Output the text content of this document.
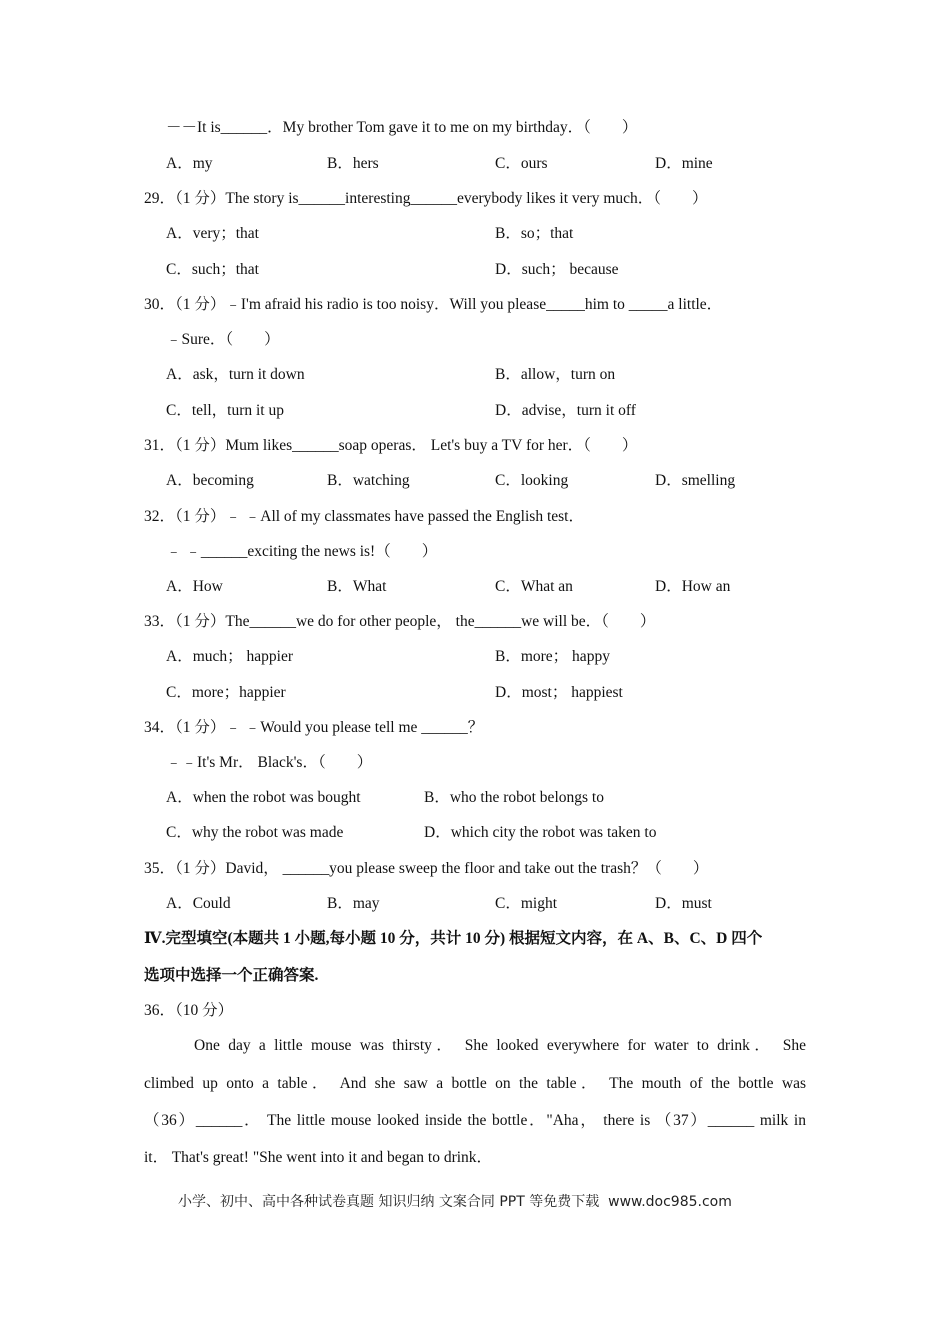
－－It is______．My brother Tom gave it to me on my birthday．（　　）
A．my	B．hers	C．ours	D．mine
29．（1 分）The story is______interesting______everybody likes it very much．（　　）
A．very；that	B．so；that
C．such；that	D．such； because
30．（1 分）﹣I'm afraid his radio is too noisy．Will you please_____him to _____a little．
﹣Sure．（　　）
A．ask，turn it down	B．allow，turn on
C．tell，turn it up	D．advise，turn it off
31．（1 分）Mum likes______soap operas． Let's buy a TV for her．（　　）
A．becoming	B．watching	C．looking	D．smelling
32．（1 分）﹣ ﹣All of my classmates have passed the English test．
﹣ ﹣______exciting the news is!（　　）
A．How	B．What	C．What an	D．How an
33．（1 分）The______we do for other people， the______we will be．（　　）
A．much； happier	B．more； happy
C．more；happier	D．most； happiest
34．（1 分）﹣ ﹣Would you please tell me ______？
﹣﹣It's Mr． Black's．（　　）
A．when the robot was bought	B．who the robot belongs to
C．why the robot was made	D．which city the robot was taken to
35．（1 分）David， ______you please sweep the floor and take out the trash？（　　）
A．Could	B．may	C．might	D．must
Ⅳ.完型填空(本题共 1 小题,每小题 10 分，共计 10 分) 根据短文内容，在 A、B、C、D 四个
选项中选择一个正确答案.
36．（10 分）
One day a little mouse was thirsty． She looked everywhere for water to drink． She
climbed up onto a table． And she saw a bottle on the table． The mouth of the bottle was
（36）______． The little mouse looked inside the bottle．"Aha， there is （37）______ milk in
it． That's great! "She went into it and began to drink．
小学、初中、高中各种试卷真题 知识归纳 文案合同 PPT 等免费下载  www.doc985.com
